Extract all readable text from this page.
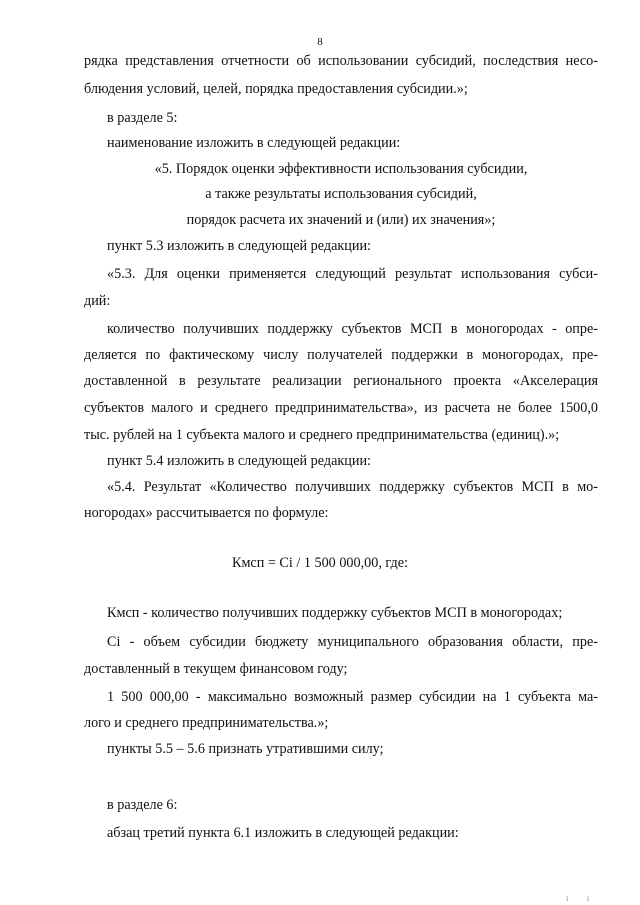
8
рядка представления отчетности об использовании субсидий, последствия несо-
блюдения условий, целей, порядка предоставления субсидии.»;
в разделе 5:
наименование изложить в следующей редакции:
«5. Порядок оценки эффективности использования субсидии,
а также результаты использования субсидий,
порядок расчета их значений и (или) их значения»;
пункт 5.3 изложить в следующей редакции:
«5.3. Для оценки применяется следующий результат использования субси-
дий:
количество получивших поддержку субъектов МСП в моногородах - опре-
деляется по фактическому числу получателей поддержки в моногородах, пре-
доставленной в результате реализации регионального проекта «Акселерация
субъектов малого и среднего предпринимательства», из расчета не более 1500,0
тыс. рублей на 1 субъекта малого и среднего предпринимательства (единиц).»;
пункт 5.4 изложить в следующей редакции:
«5.4. Результат «Количество получивших поддержку субъектов МСП в мо-
ногородах» рассчитывается по формуле:
Кмсп = Ci / 1 500 000,00, где:
Кмсп - количество получивших поддержку субъектов МСП в моногородах;
Ci - объем субсидии бюджету муниципального образования области, пре-
доставленный в текущем финансовом году;
1 500 000,00 - максимально возможный размер субсидии на 1 субъекта ма-
лого и среднего предпринимательства.»;
пункты 5.5 – 5.6 признать утратившими силу;
в разделе 6:
абзац третий пункта 6.1 изложить в следующей редакции:
ı ı
